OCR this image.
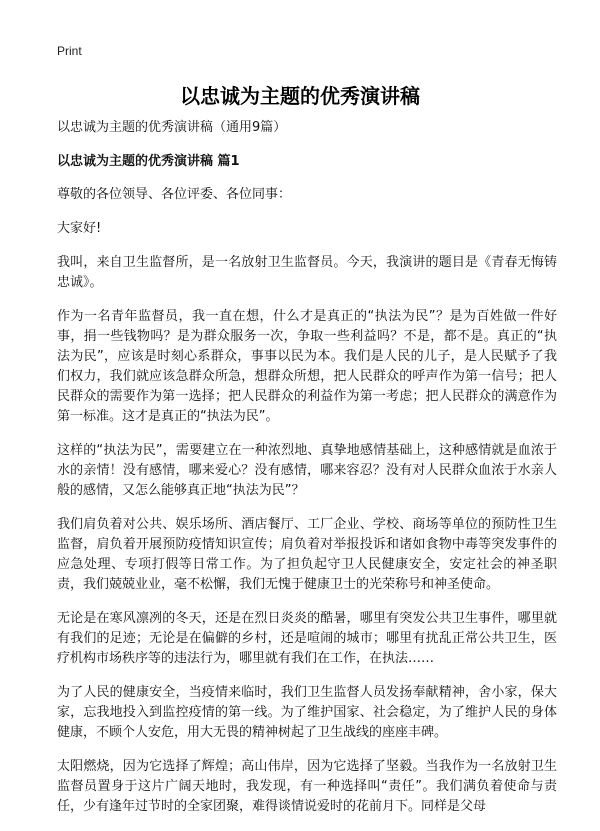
Print
以忠诚为主题的优秀演讲稿

以忠诚为主题的优秀演讲稿（通用9篇）

以忠诚为主题的优秀演讲稿 篇1

尊敬的各位领导、各位评委、各位同事：

大家好!

我叫，来自卫生监督所，是一名放射卫生监督员。今天，我演讲的题目是《青春无悔铸忠诚》。

作为一名青年监督员，我一直在想，什么才是真正的“执法为民”？是为百姓做一件好事，捐一些钱物吗？是为群众服务一次，争取一些利益吗？不是，都不是。真正的“执法为民”，应该是时刻心系群众，事事以民为本。我们是人民的儿子，是人民赋予了我们权力，我们就应该急群众所急，想群众所想，把人民群众的呼声作为第一信号；把人民群众的需要作为第一选择；把人民群众的利益作为第一考虑；把人民群众的满意作为第一标准。这才是真正的“执法为民”。

这样的“执法为民”，需要建立在一种浓烈地、真挚地感情基础上，这种感情就是血浓于水的亲情！没有感情，哪来爱心？没有感情，哪来容忍？没有对人民群众血浓于水亲人般的感情，又怎么能够真正地“执法为民”？

我们肩负着对公共、娱乐场所、酒店餐厅、工厂企业、学校、商场等单位的预防性卫生监督，肩负着开展预防疫情知识宣传；肩负着对举报投诉和诸如食物中毒等突发事件的应急处理、专项打假等日常工作。为了担负起守卫人民健康安全，安定社会的神圣职责，我们兢兢业业，毫不松懈，我们无愧于健康卫士的光荣称号和神圣使命。

无论是在寒风凛冽的冬天，还是在烈日炎炎的酷暑，哪里有突发公共卫生事件，哪里就有我们的足迹；无论是在偏僻的乡村，还是喧闹的城市；哪里有扰乱正常公共卫生，医疗机构市场秩序等的违法行为，哪里就有我们在工作，在执法……

为了人民的健康安全，当疫情来临时，我们卫生监督人员发扬奉献精神，舍小家，保大家，忘我地投入到监控疫情的第一线。为了维护国家、社会稳定，为了维护人民的身体健康，不顾个人安危，用大无畏的精神树起了卫生战线的座座丰碑。

太阳燃烧，因为它选择了辉煌；高山伟岸，因为它选择了坚毅。当我作为一名放射卫生监督员置身于这片广阔天地时，我发现，有一种选择叫“责任”。我们满负着使命与责任，少有逢年过节时的全家团聚，难得谈情说爱时的花前月下。同样是父母
